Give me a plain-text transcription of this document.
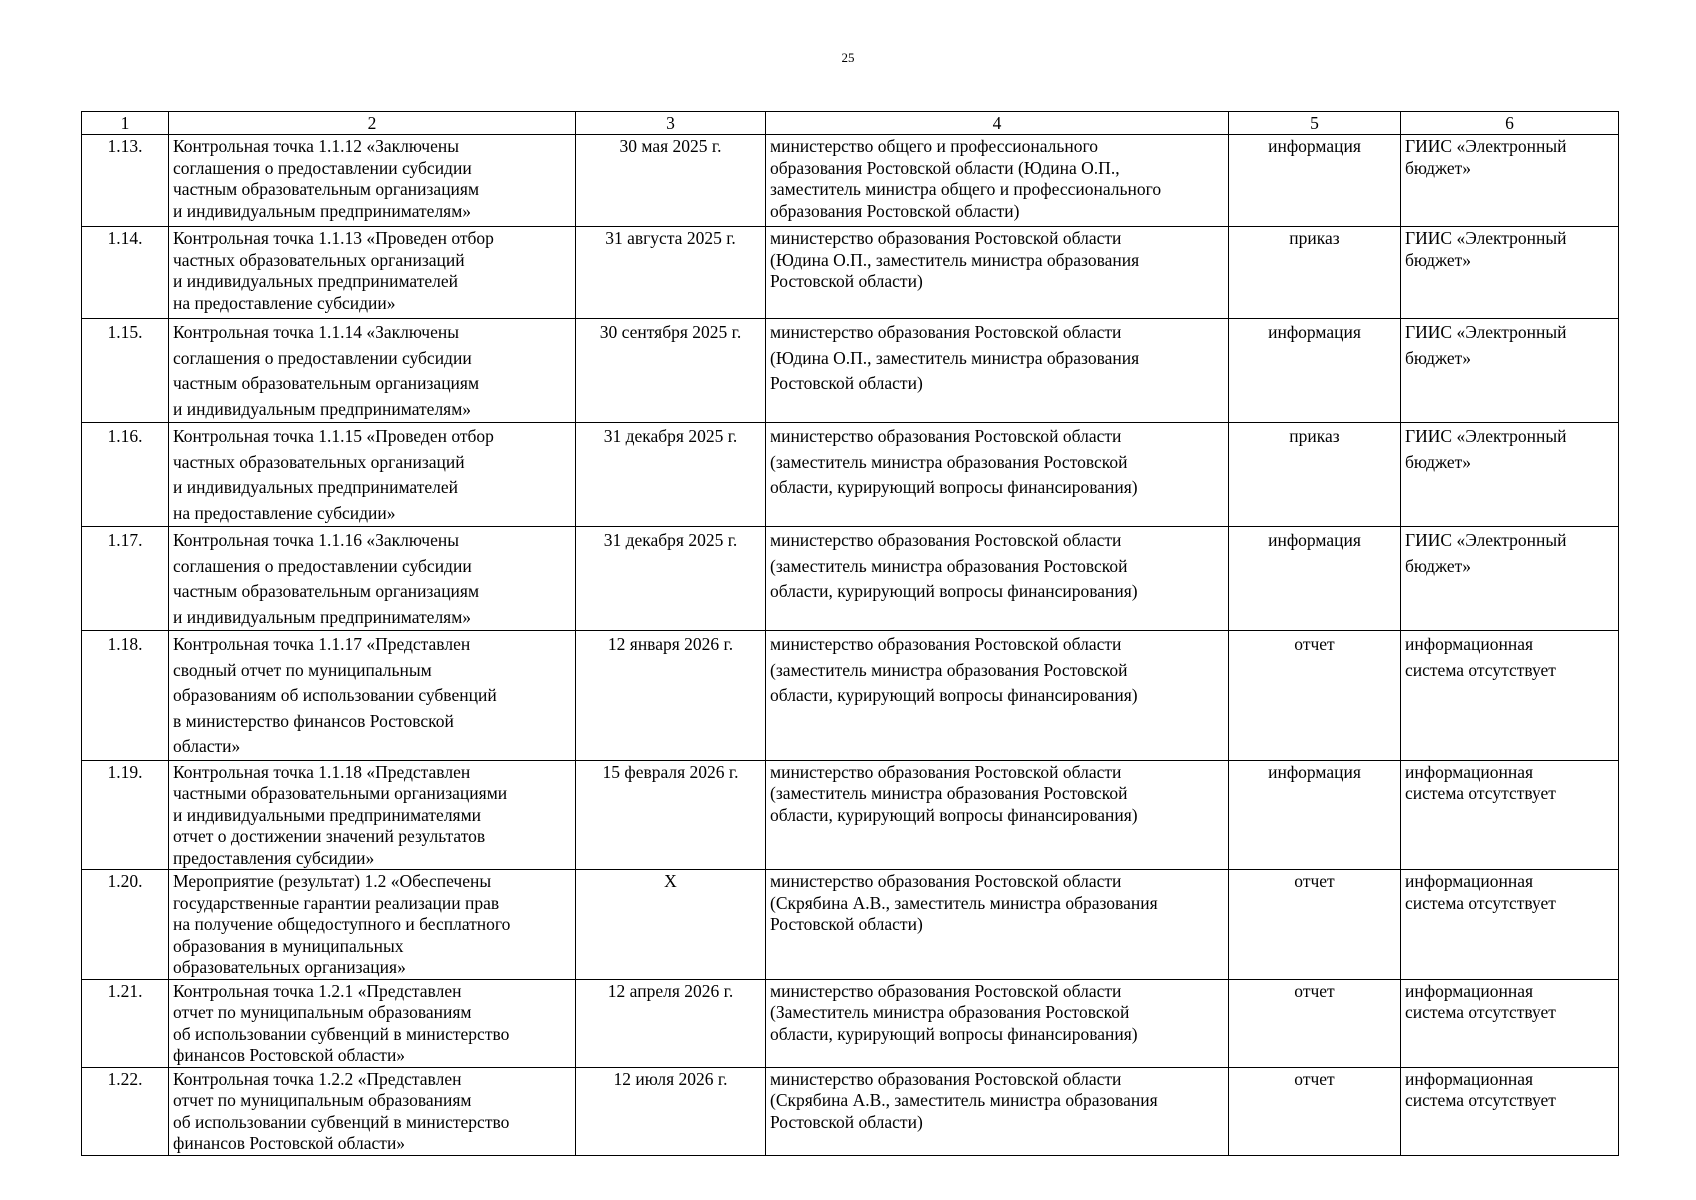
25
1	2	3	4	5	6
1.13.	Контрольная точка 1.1.12 «Заключены
соглашения о предоставлении субсидии
частным образовательным организациям
и индивидуальным предпринимателям»	30 мая 2025 г.	министерство общего и профессионального
образования Ростовской области (Юдина О.П.,
заместитель министра общего и профессионального
образования Ростовской области)	информация	ГИИС «Электронный
бюджет»
1.14.	Контрольная точка 1.1.13 «Проведен отбор
частных образовательных организаций
и индивидуальных предпринимателей
на предоставление субсидии»	31 августа 2025 г.	министерство образования Ростовской области
(Юдина О.П., заместитель министра образования
Ростовской области)	приказ	ГИИС «Электронный
бюджет»
1.15.	Контрольная точка 1.1.14 «Заключены
соглашения о предоставлении субсидии
частным образовательным организациям
и индивидуальным предпринимателям»	30 сентября 2025 г.	министерство образования Ростовской области
(Юдина О.П., заместитель министра образования
Ростовской области)	информация	ГИИС «Электронный
бюджет»
1.16.	Контрольная точка 1.1.15 «Проведен отбор
частных образовательных организаций
и индивидуальных предпринимателей
на предоставление субсидии»	31 декабря 2025 г.	министерство образования Ростовской области
(заместитель министра образования Ростовской
области, курирующий вопросы финансирования)	приказ	ГИИС «Электронный
бюджет»
1.17.	Контрольная точка 1.1.16 «Заключены
соглашения о предоставлении субсидии
частным образовательным организациям
и индивидуальным предпринимателям»	31 декабря 2025 г.	министерство образования Ростовской области
(заместитель министра образования Ростовской
области, курирующий вопросы финансирования)	информация	ГИИС «Электронный
бюджет»
1.18.	Контрольная точка 1.1.17 «Представлен
сводный отчет по муниципальным
образованиям об использовании субвенций
в министерство финансов Ростовской
области»	12 января 2026 г.	министерство образования Ростовской области
(заместитель министра образования Ростовской
области, курирующий вопросы финансирования)	отчет	информационная
система отсутствует
1.19.	Контрольная точка 1.1.18 «Представлен
частными образовательными организациями
и индивидуальными предпринимателями
отчет о достижении значений результатов
предоставления субсидии»	15 февраля 2026 г.	министерство образования Ростовской области
(заместитель министра образования Ростовской
области, курирующий вопросы финансирования)	информация	информационная
система отсутствует
1.20.	Мероприятие (результат) 1.2 «Обеспечены
государственные гарантии реализации прав
на получение общедоступного и бесплатного
образования в муниципальных
образовательных организация»	Х	министерство образования Ростовской области
(Скрябина А.В., заместитель министра образования
Ростовской области)	отчет	информационная
система отсутствует
1.21.	Контрольная точка 1.2.1 «Представлен
отчет по муниципальным образованиям
об использовании субвенций в министерство
финансов Ростовской области»	12 апреля 2026 г.	министерство образования Ростовской области
(Заместитель министра образования Ростовской
области, курирующий вопросы финансирования)	отчет	информационная
система отсутствует
1.22.	Контрольная точка 1.2.2 «Представлен
отчет по муниципальным образованиям
об использовании субвенций в министерство
финансов Ростовской области»	12 июля 2026 г.	министерство образования Ростовской области
(Скрябина А.В., заместитель министра образования
Ростовской области)	отчет	информационная
система отсутствует
